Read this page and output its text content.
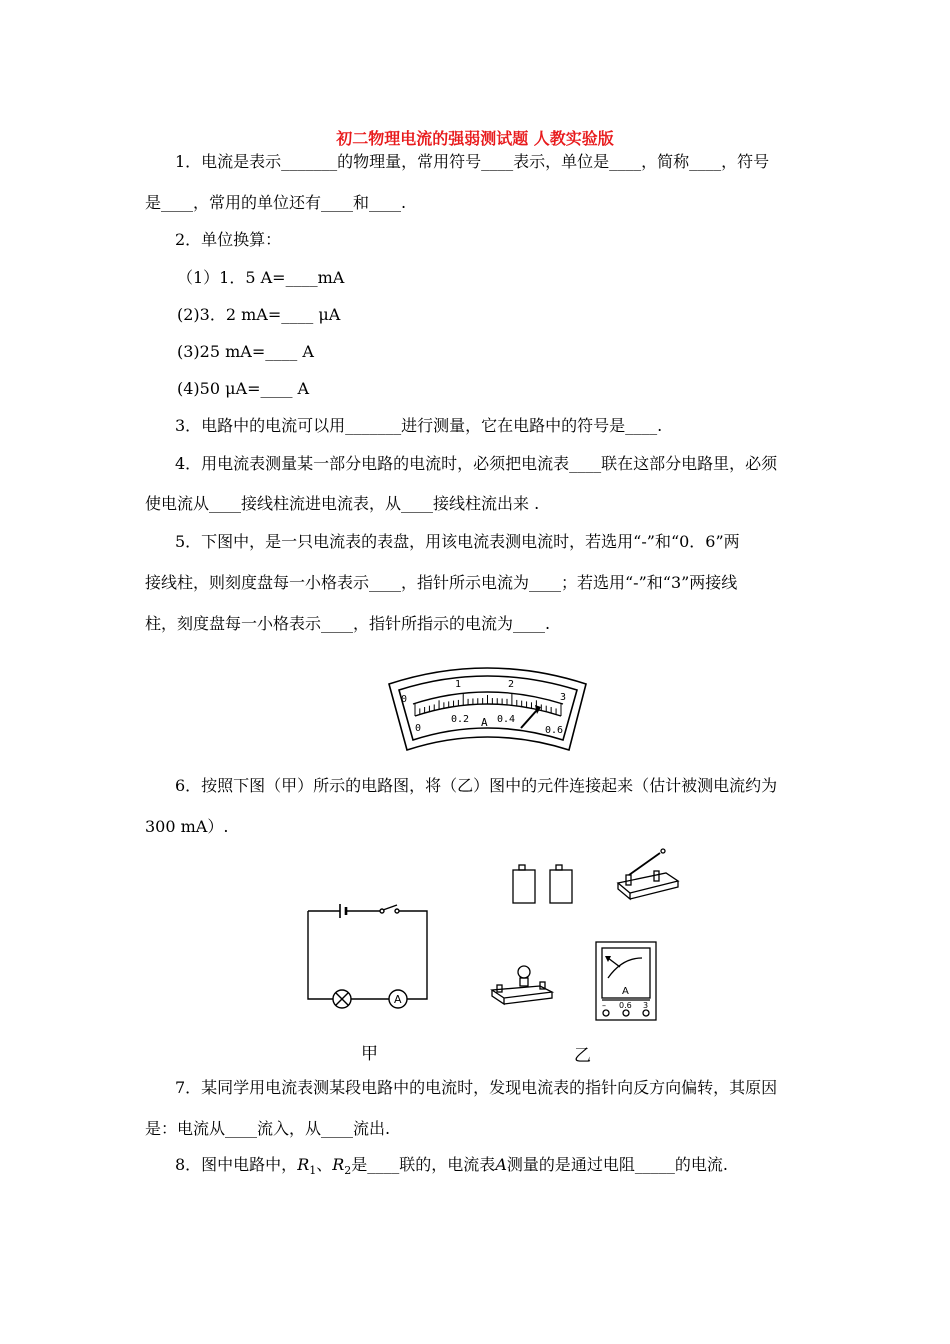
初二物理电流的强弱测试题 人教实验版
1．电流是表示_______的物理量，常用符号____表示，单位是____，简称____，符号
是____，常用的单位还有____和____.
2．单位换算：
（1）1．5 A=____mA
(2)3．2 mA=____ μA
(3)25 mA=____ A
(4)50 μA=____ A
3．电路中的电流可以用_______进行测量，它在电路中的符号是____.
4．用电流表测量某一部分电路的电流时，必须把电流表____联在这部分电路里，必须
使电流从____接线柱流进电流表，从____接线柱流出来 .
5．下图中，是一只电流表的表盘，用该电流表测电流时，若选用“-”和“0．6”两
接线柱，则刻度盘每一小格表示____，指针所示电流为____；若选用“-”和“3”两接线
柱，刻度盘每一小格表示____，指针所指示的电流为____.
0
1	2
3
0
0.2	0.4
0.6
A
6．按照下图（甲）所示的电路图，将（乙）图中的元件连接起来（估计被测电流约为
300 mA）.
A
A
– 0.6 3
甲	乙
7．某同学用电流表测某段电路中的电流时，发现电流表的指针向反方向偏转，其原因
是：电流从____流入，从____流出.
8．图中电路中，$R_1$、$R_2$是____联的，电流表A测量的是通过电阻_____的电流.
